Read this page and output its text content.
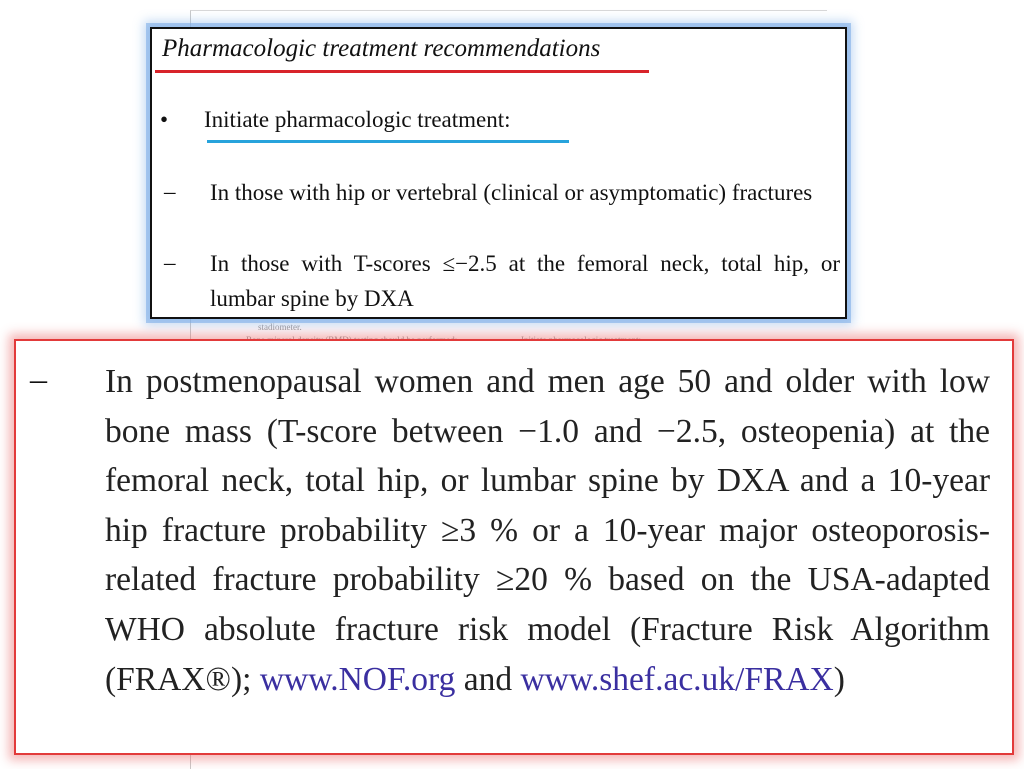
stadiometer.
Pharmacologic treatment recommendations
• Initiate pharmacologic treatment:
– In those with hip or vertebral (clinical or asymptomatic) fractures
– In those with T-scores ≤−2.5 at the femoral neck, total hip, or lumbar spine by DXA
– In postmenopausal women and men age 50 and older with low bone mass (T-score between −1.0 and −2.5, osteopenia) at the femoral neck, total hip, or lumbar spine by DXA and a 10-year hip fracture probability ≥3 % or a 10-year major osteoporosis-related fracture probability ≥20 % based on the USA-adapted WHO absolute fracture risk model (Fracture Risk Algorithm (FRAX®); www.NOF.org and www.shef.ac.uk/FRAX)
